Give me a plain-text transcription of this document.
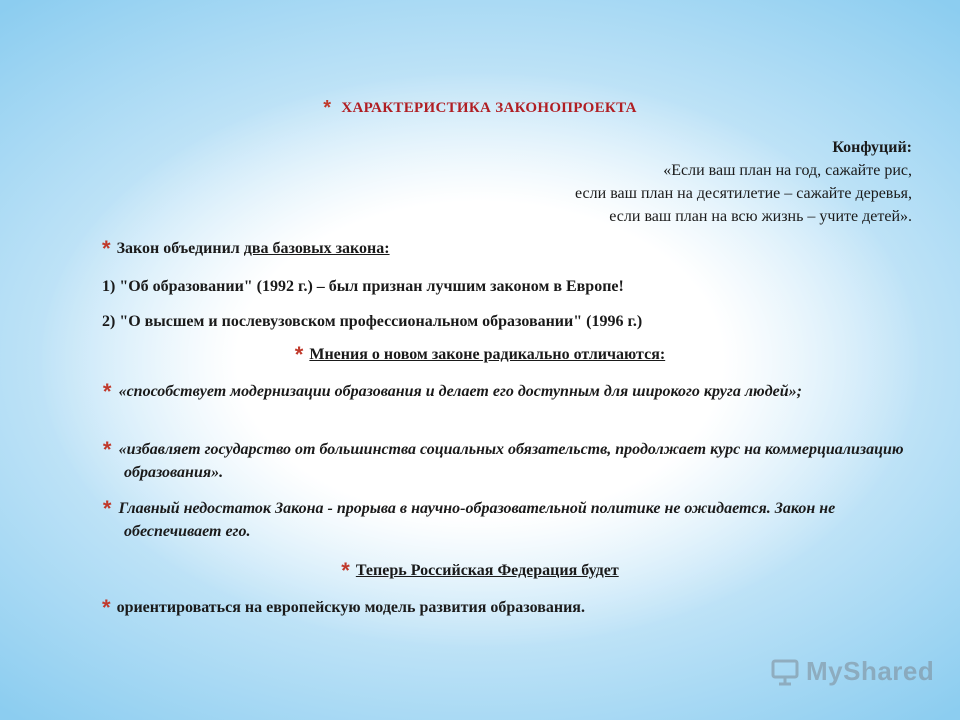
* ХАРАКТЕРИСТИКА ЗАКОНОПРОЕКТА
Конфуций:
«Если ваш план на год, сажайте рис,
если ваш план на десятилетие – сажайте деревья,
если ваш план на всю жизнь – учите детей».
* Закон объединил два базовых закона:
1) "Об образовании" (1992 г.) – был признан лучшим законом в Европе!
2) "О высшем и послевузовском профессиональном образовании" (1996 г.)
* Мнения о новом законе радикально отличаются:
* «способствует модернизации образования и делает его доступным для широкого круга людей»;
* «избавляет государство от большинства социальных обязательств, продолжает курс на коммерциализацию образования».
* Главный недостаток Закона - прорыва в научно-образовательной политике не ожидается. Закон не обеспечивает его.
* Теперь Российская Федерация будет
* ориентироваться на европейскую модель развития образования.
MyShared
